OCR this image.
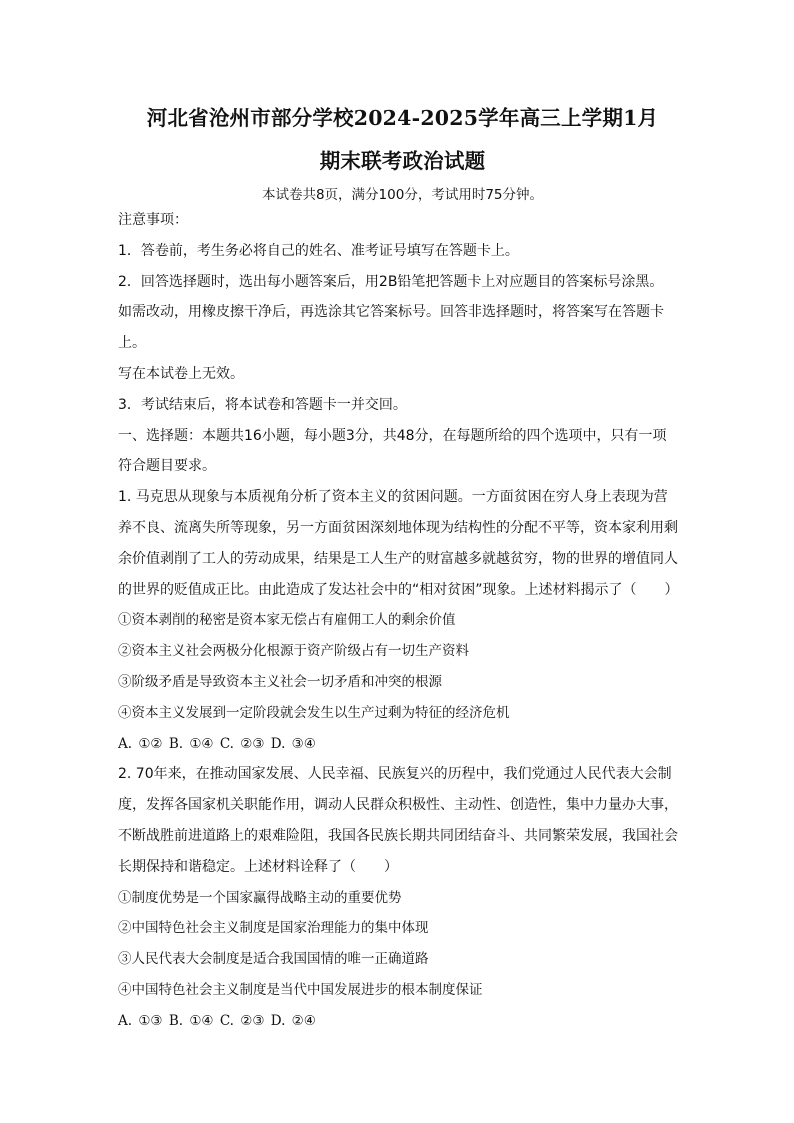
河北省沧州市部分学校2024-2025学年高三上学期1月
期末联考政治试题
本试卷共8页，满分100分，考试用时75分钟。
注意事项：
1．答卷前，考生务必将自己的姓名、准考证号填写在答题卡上。
2．回答选择题时，选出每小题答案后，用2B铅笔把答题卡上对应题目的答案标号涂黑。
如需改动，用橡皮擦干净后，再选涂其它答案标号。回答非选择题时，将答案写在答题卡上。
写在本试卷上无效。
3．考试结束后，将本试卷和答题卡一并交回。
一、选择题：本题共16小题，每小题3分，共48分，在每题所给的四个选项中，只有一项
符合题目要求。
1. 马克思从现象与本质视角分析了资本主义的贫困问题。一方面贫困在穷人身上表现为营
养不良、流离失所等现象，另一方面贫困深刻地体现为结构性的分配不平等，资本家利用剩
余价值剥削了工人的劳动成果，结果是工人生产的财富越多就越贫穷，物的世界的增值同人
的世界的贬值成正比。由此造成了发达社会中的“相对贫困”现象。上述材料揭示了（　　）
①资本剥削的秘密是资本家无偿占有雇佣工人的剩余价值
②资本主义社会两极分化根源于资产阶级占有一切生产资料
③阶级矛盾是导致资本主义社会一切矛盾和冲突的根源
④资本主义发展到一定阶段就会发生以生产过剩为特征的经济危机
A. ①② B. ①④ C. ②③ D. ③④
2. 70年来，在推动国家发展、人民幸福、民族复兴的历程中，我们党通过人民代表大会制
度，发挥各国家机关职能作用，调动人民群众积极性、主动性、创造性，集中力量办大事，
不断战胜前进道路上的艰难险阻，我国各民族长期共同团结奋斗、共同繁荣发展，我国社会
长期保持和谐稳定。上述材料诠释了（　　）
①制度优势是一个国家赢得战略主动的重要优势
②中国特色社会主义制度是国家治理能力的集中体现
③人民代表大会制度是适合我国国情的唯一正确道路
④中国特色社会主义制度是当代中国发展进步的根本制度保证
A. ①③ B. ①④ C. ②③ D. ②④
